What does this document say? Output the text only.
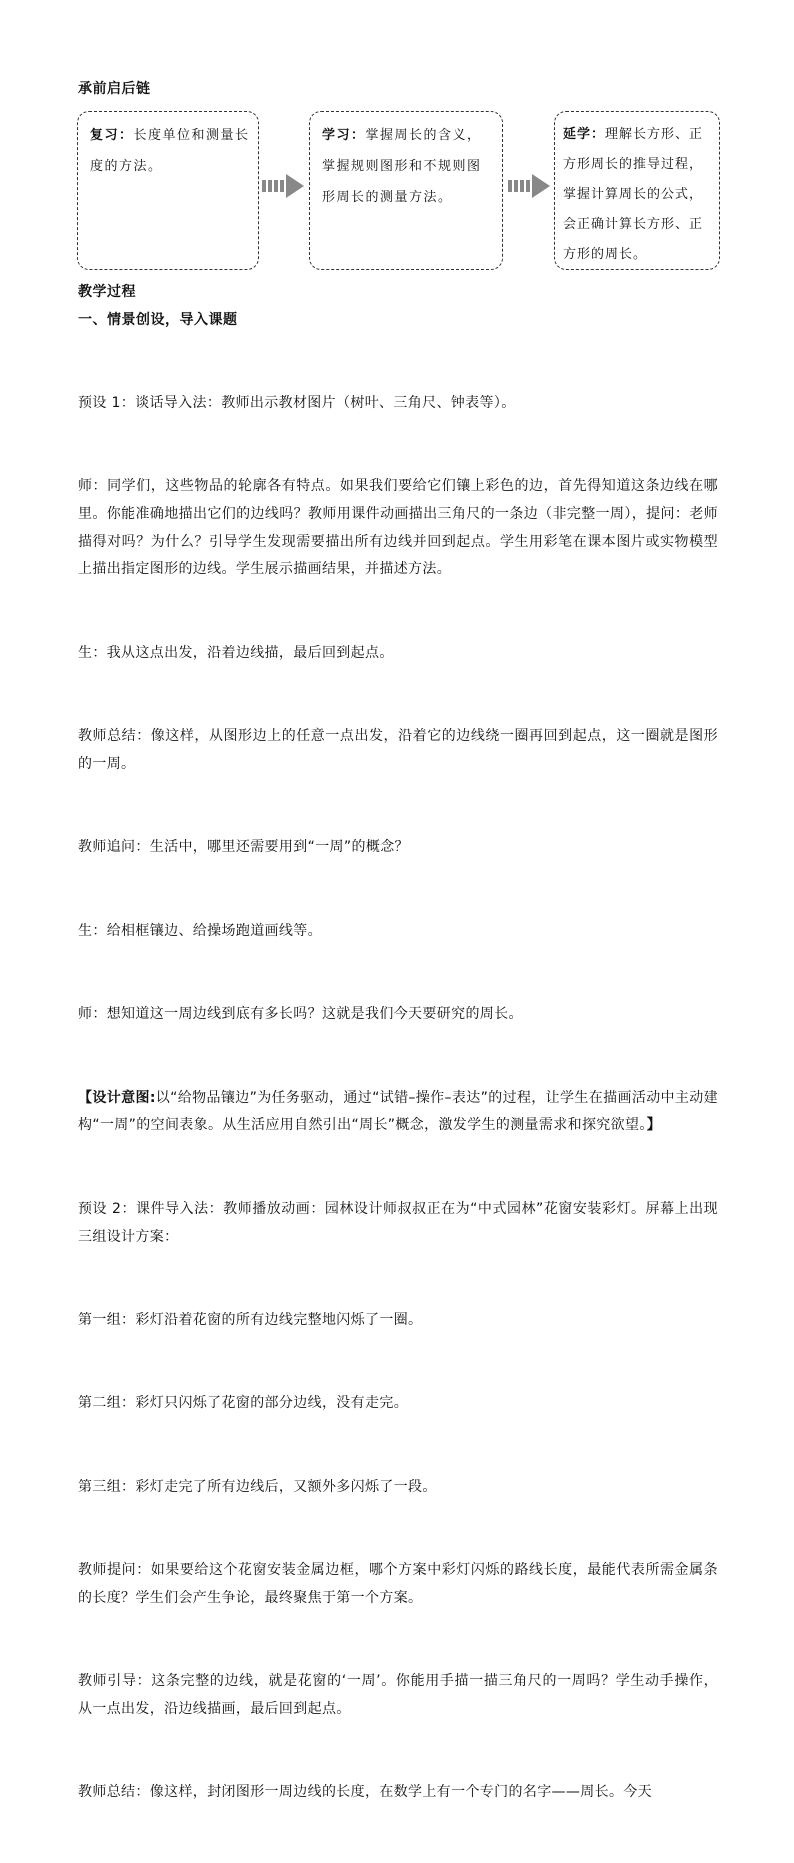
承前启后链
复习：长度单位和测量长度的方法。
学习：掌握周长的含义，掌握规则图形和不规则图形周长的测量方法。
延学：理解长方形、正方形周长的推导过程，掌握计算周长的公式，会正确计算长方形、正方形的周长。
教学过程
一、情景创设，导入课题

预设 1：谈话导入法：教师出示教材图片（树叶、三角尺、钟表等）。

师：同学们，这些物品的轮廓各有特点。如果我们要给它们镶上彩色的边，首先得知道这条边线在哪里。你能准确地描出它们的边线吗？教师用课件动画描出三角尺的一条边（非完整一周），提问：老师描得对吗？为什么？引导学生发现需要描出所有边线并回到起点。学生用彩笔在课本图片或实物模型上描出指定图形的边线。学生展示描画结果，并描述方法。

生：我从这点出发，沿着边线描，最后回到起点。

教师总结：像这样，从图形边上的任意一点出发，沿着它的边线绕一圈再回到起点，这一圈就是图形的一周。

教师追问：生活中，哪里还需要用到“一周”的概念？

生：给相框镶边、给操场跑道画线等。

师：想知道这一周边线到底有多长吗？这就是我们今天要研究的周长。

【设计意图:以“给物品镶边”为任务驱动，通过“试错–操作–表达”的过程，让学生在描画活动中主动建构“一周”的空间表象。从生活应用自然引出“周长”概念，激发学生的测量需求和探究欲望。】

预设 2：课件导入法：教师播放动画：园林设计师叔叔正在为“中式园林”花窗安装彩灯。屏幕上出现三组设计方案：

第一组：彩灯沿着花窗的所有边线完整地闪烁了一圈。

第二组：彩灯只闪烁了花窗的部分边线，没有走完。

第三组：彩灯走完了所有边线后，又额外多闪烁了一段。

教师提问：如果要给这个花窗安装金属边框，哪个方案中彩灯闪烁的路线长度，最能代表所需金属条的长度？学生们会产生争论，最终聚焦于第一个方案。

教师引导：这条完整的边线，就是花窗的‘一周’。你能用手描一描三角尺的一周吗？学生动手操作，从一点出发，沿边线描画，最后回到起点。

教师总结：像这样，封闭图形一周边线的长度，在数学上有一个专门的名字——周长。今天
